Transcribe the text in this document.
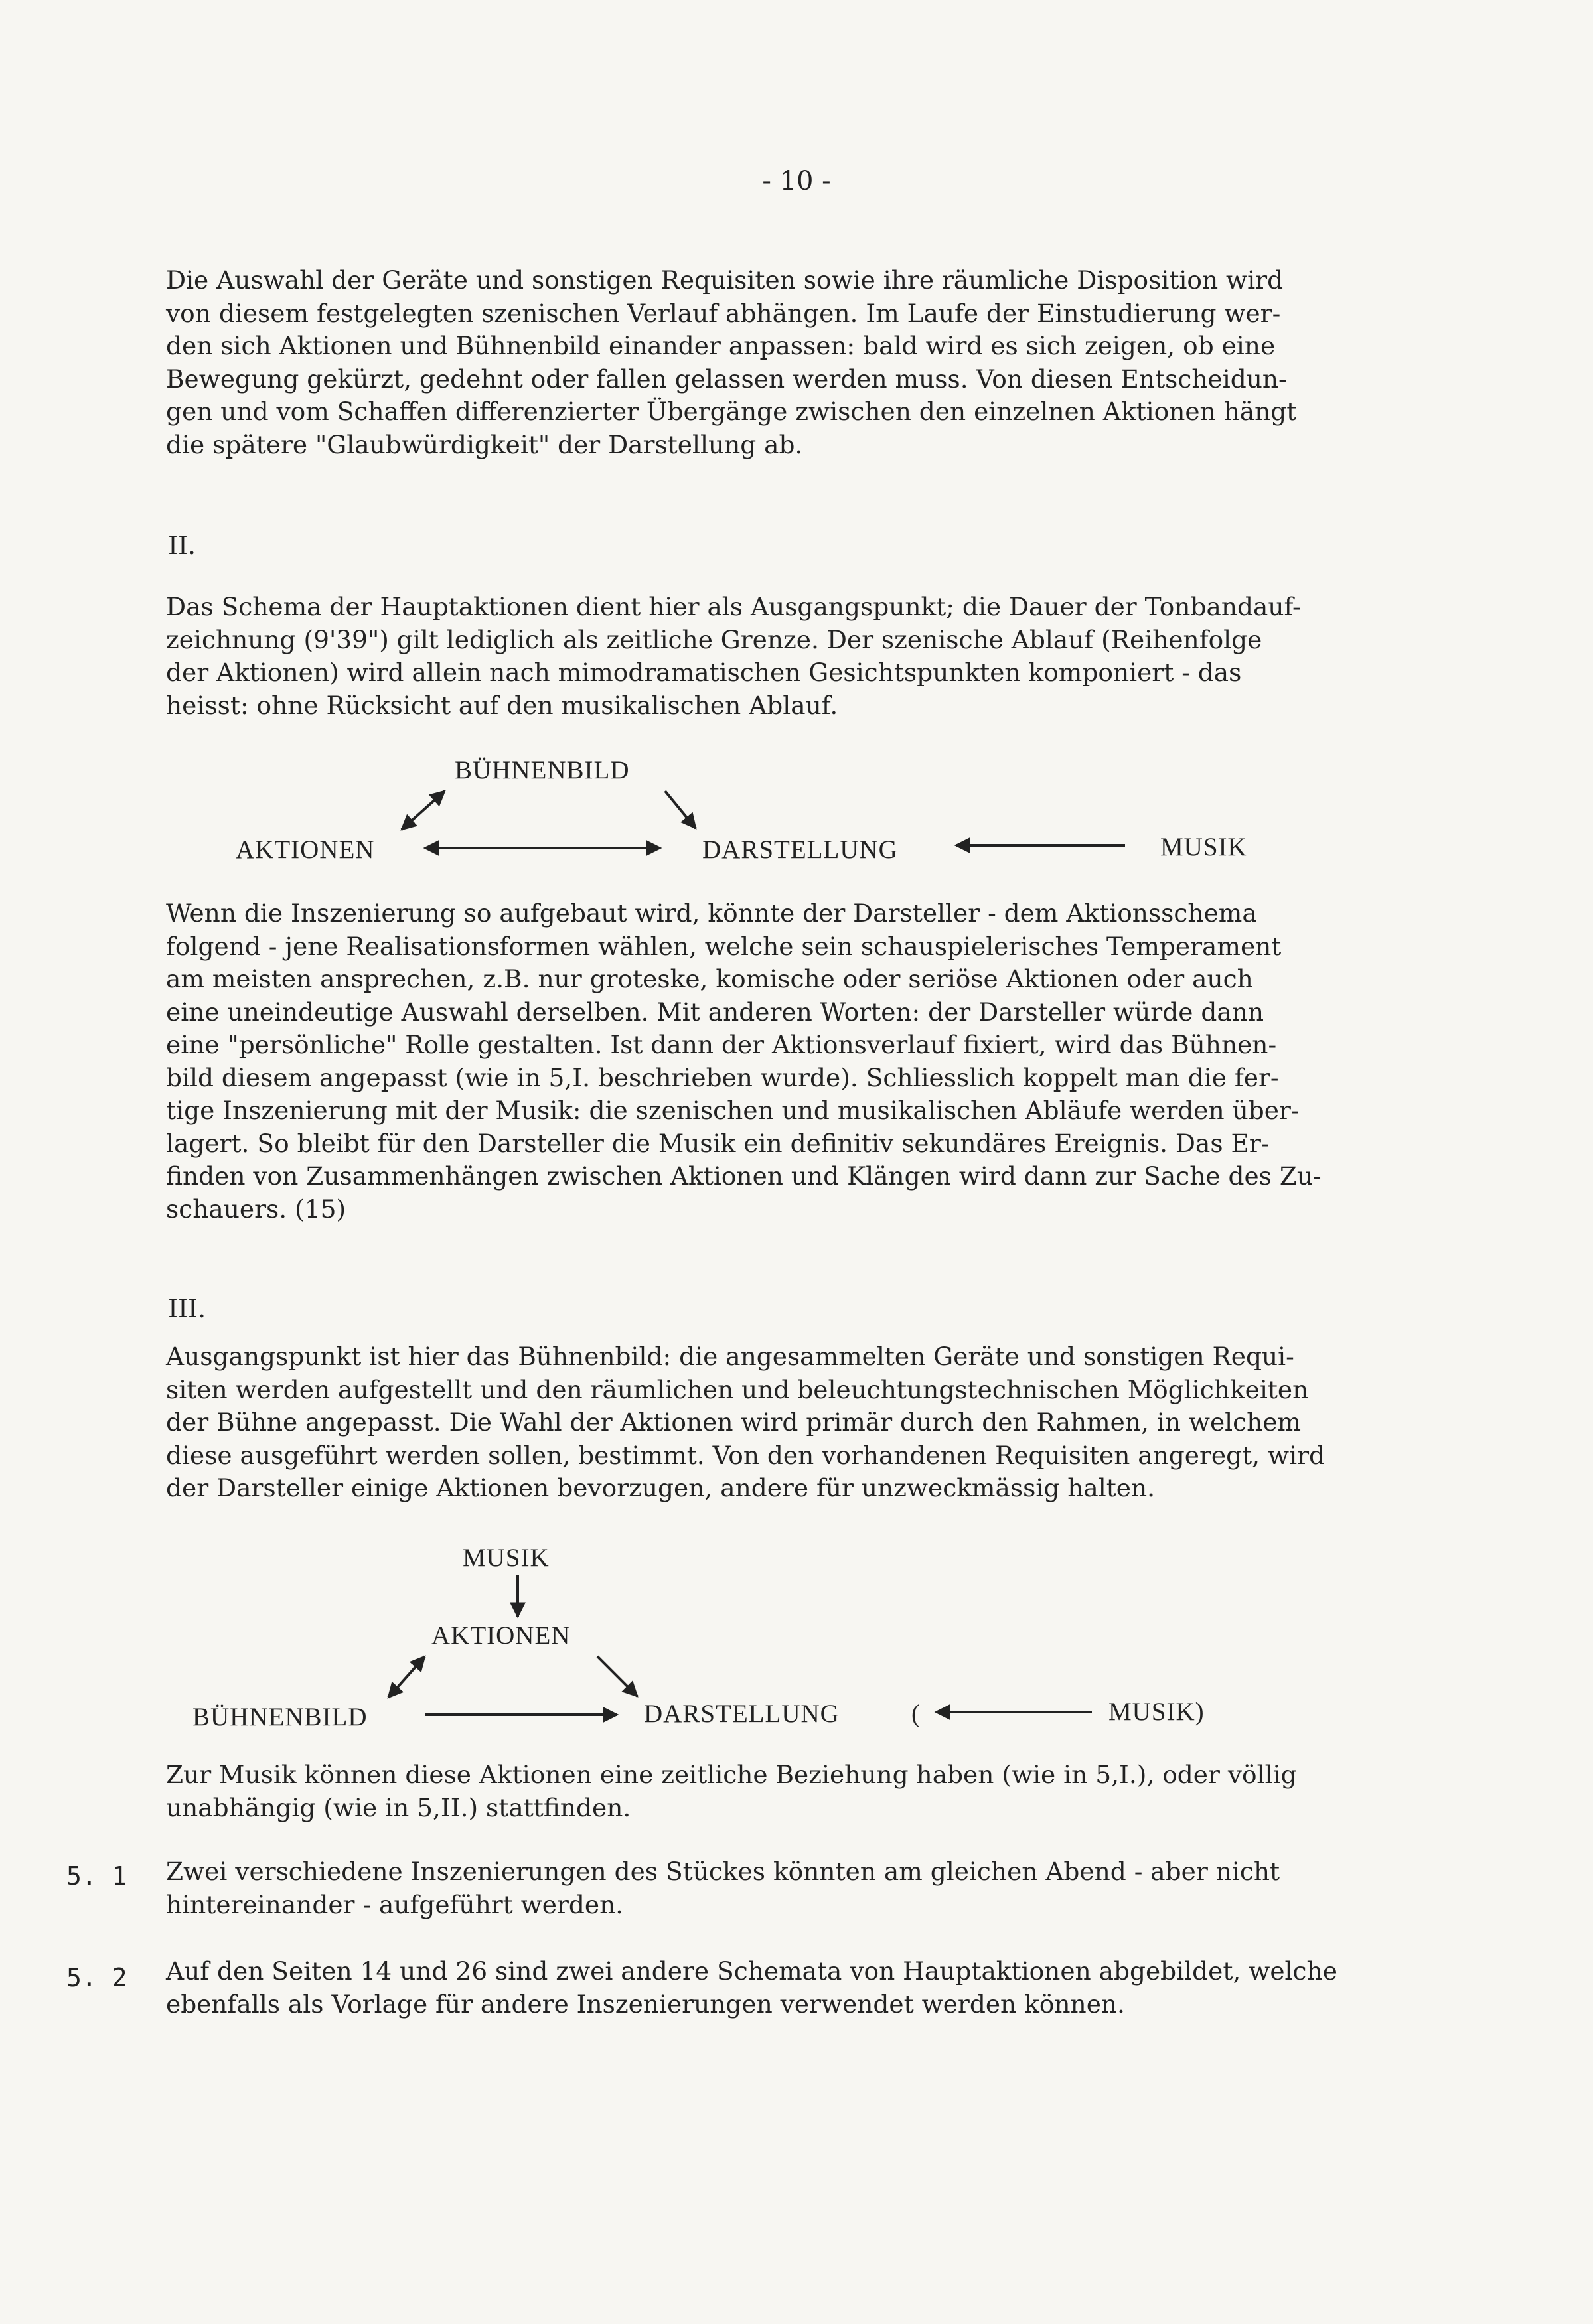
- 10 -
Die Auswahl der Geräte und sonstigen Requisiten sowie ihre räumliche Disposition wird
von diesem festgelegten szenischen Verlauf abhängen. Im Laufe der Einstudierung wer-
den sich Aktionen und Bühnenbild einander anpassen: bald wird es sich zeigen, ob eine
Bewegung gekürzt, gedehnt oder fallen gelassen werden muss. Von diesen Entscheidun-
gen und vom Schaffen differenzierter Übergänge zwischen den einzelnen Aktionen hängt
die spätere "Glaubwürdigkeit" der Darstellung ab.
II.
Das Schema der Hauptaktionen dient hier als Ausgangspunkt; die Dauer der Tonbandauf-
zeichnung (9'39") gilt lediglich als zeitliche Grenze. Der szenische Ablauf (Reihenfolge
der Aktionen) wird allein nach mimodramatischen Gesichtspunkten komponiert - das
heisst: ohne Rücksicht auf den musikalischen Ablauf.
BÜHNENBILD
AKTIONEN	DARSTELLUNG	MUSIK
Wenn die Inszenierung so aufgebaut wird, könnte der Darsteller - dem Aktionsschema
folgend - jene Realisationsformen wählen, welche sein schauspielerisches Temperament
am meisten ansprechen, z.B. nur groteske, komische oder seriöse Aktionen oder auch
eine uneindeutige Auswahl derselben. Mit anderen Worten: der Darsteller würde dann
eine "persönliche" Rolle gestalten. Ist dann der Aktionsverlauf fixiert, wird das Bühnen-
bild diesem angepasst (wie in 5,I. beschrieben wurde). Schliesslich koppelt man die fer-
tige Inszenierung mit der Musik: die szenischen und musikalischen Abläufe werden über-
lagert. So bleibt für den Darsteller die Musik ein definitiv sekundäres Ereignis. Das Er-
finden von Zusammenhängen zwischen Aktionen und Klängen wird dann zur Sache des Zu-
schauers. (15)
III.
Ausgangspunkt ist hier das Bühnenbild: die angesammelten Geräte und sonstigen Requi-
siten werden aufgestellt und den räumlichen und beleuchtungstechnischen Möglichkeiten
der Bühne angepasst. Die Wahl der Aktionen wird primär durch den Rahmen, in welchem
diese ausgeführt werden sollen, bestimmt. Von den vorhandenen Requisiten angeregt, wird
der Darsteller einige Aktionen bevorzugen, andere für unzweckmässig halten.
MUSIK
AKTIONEN
BÜHNENBILD	DARSTELLUNG	(	MUSIK)
Zur Musik können diese Aktionen eine zeitliche Beziehung haben (wie in 5,I.), oder völlig
unabhängig (wie in 5,II.) stattfinden.
5. 1 Zwei verschiedene Inszenierungen des Stückes könnten am gleichen Abend - aber nicht
hintereinander - aufgeführt werden.
5. 2 Auf den Seiten 14 und 26 sind zwei andere Schemata von Hauptaktionen abgebildet, welche
ebenfalls als Vorlage für andere Inszenierungen verwendet werden können.
